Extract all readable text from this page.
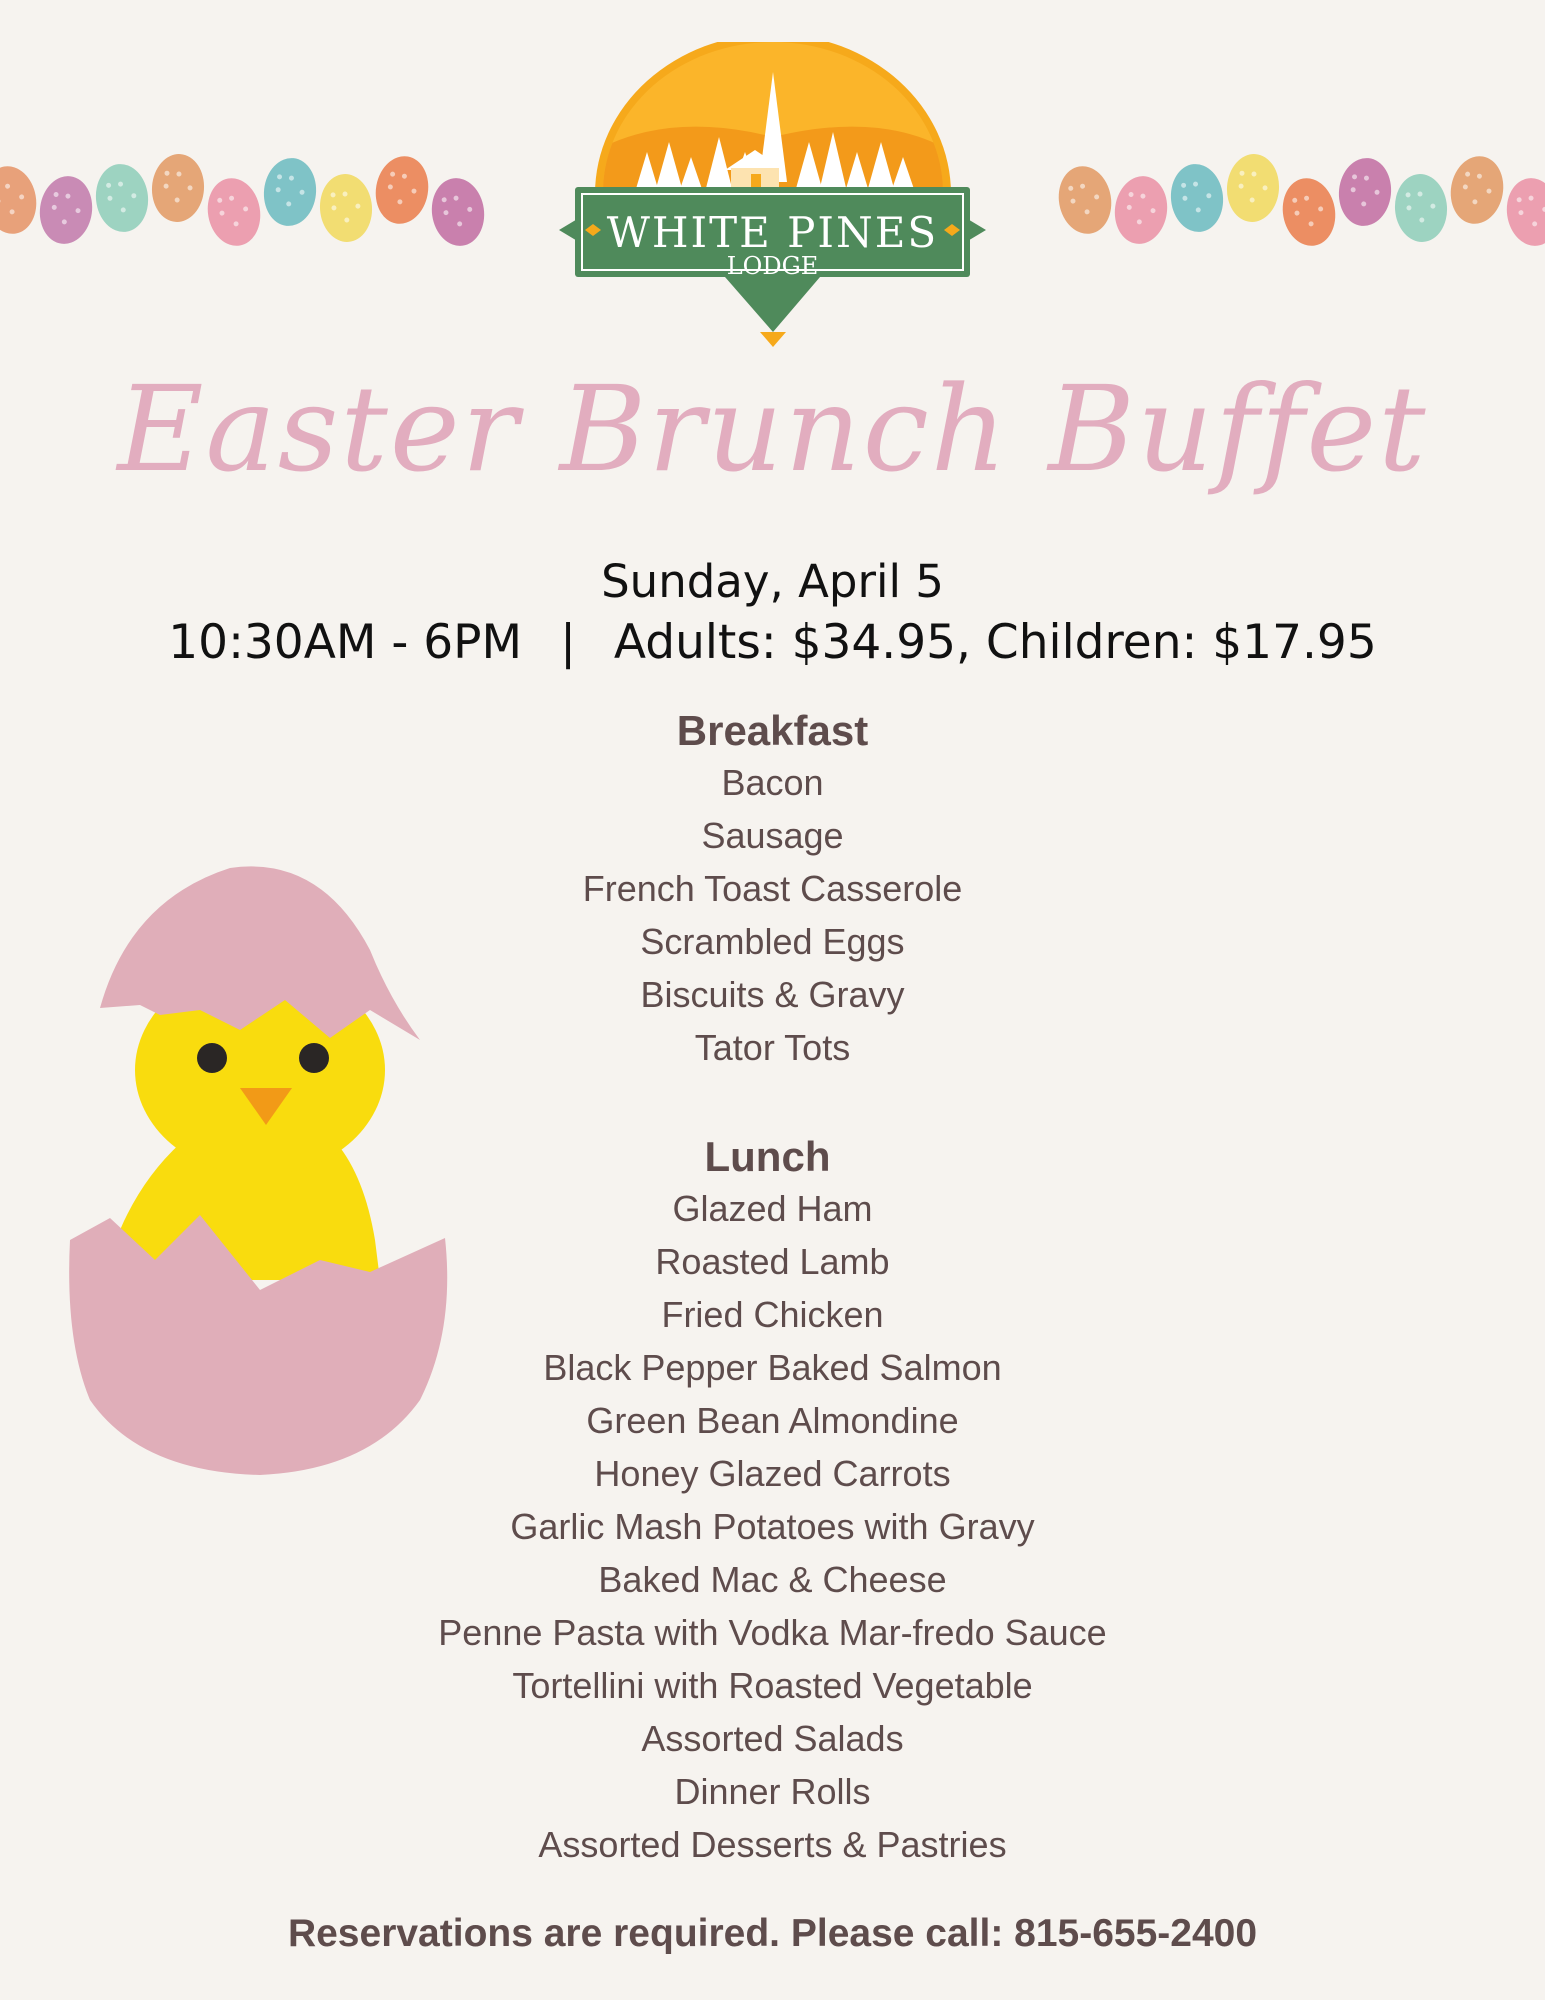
WHITE PINES
LODGE
Easter Brunch Buffet
Sunday, April 5
10:30AM - 6PM | Adults: $34.95, Children: $17.95
Breakfast
Bacon
Sausage
French Toast Casserole
Scrambled Eggs
Biscuits & Gravy
Tator Tots
Lunch
Glazed Ham
Roasted Lamb
Fried Chicken
Black Pepper Baked Salmon
Green Bean Almondine
Honey Glazed Carrots
Garlic Mash Potatoes with Gravy
Baked Mac & Cheese
Penne Pasta with Vodka Mar-fredo Sauce
Tortellini with Roasted Vegetable
Assorted Salads
Dinner Rolls
Assorted Desserts & Pastries
Reservations are required. Please call: 815-655-2400
